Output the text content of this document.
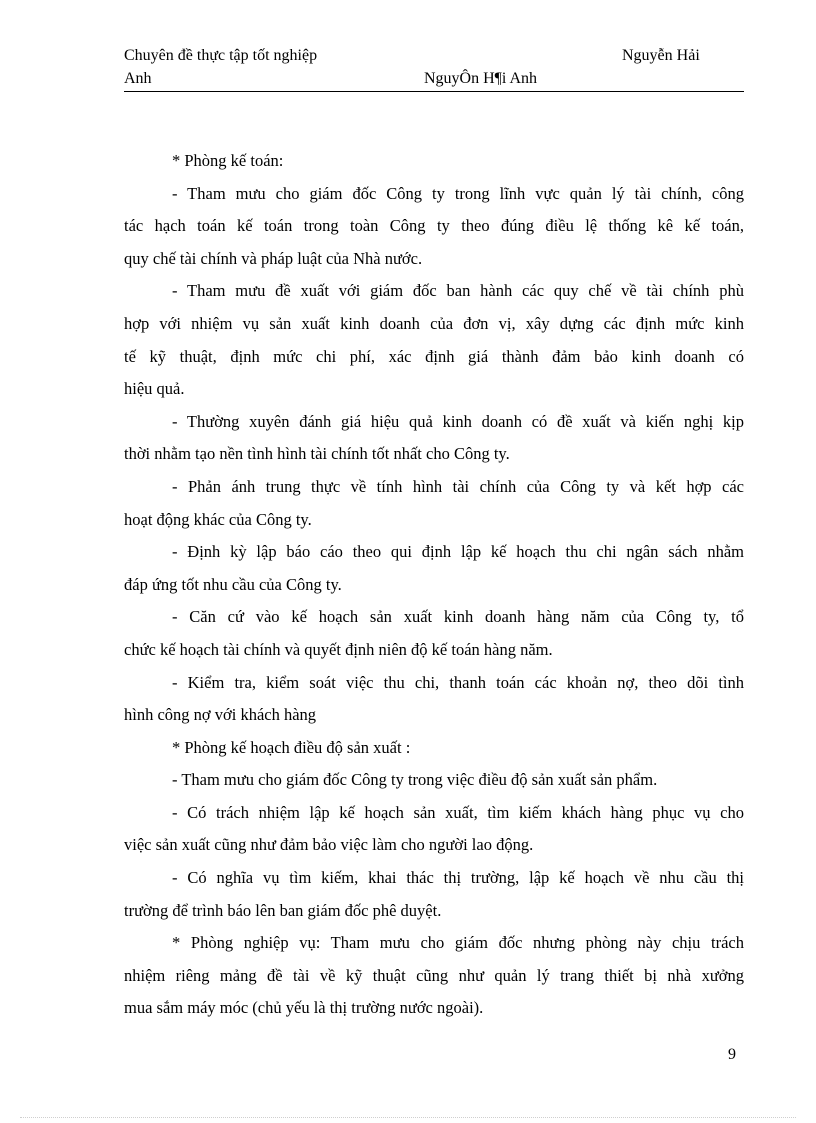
Chuyên đề thực tập tốt nghiệp	Nguyễn Hải
Anh	NguyÔn H¶i Anh
* Phòng kế toán:
- Tham mưu cho giám đốc Công ty trong lĩnh vực quản lý tài chính, công
tác hạch toán kế toán trong toàn Công ty theo đúng điều lệ thống kê kế toán,
quy chế tài chính và pháp luật của Nhà nước.
- Tham mưu đề xuất với giám đốc ban hành các quy chế về tài chính phù
hợp với nhiệm vụ sản xuất kinh doanh của đơn vị, xây dựng các định mức kinh
tế kỹ thuật, định mức chi phí, xác định giá thành đảm bảo kinh doanh có
hiệu quả.
- Thường xuyên đánh giá hiệu quả kinh doanh có đề xuất và kiến nghị kịp
thời nhằm tạo nền tình hình tài chính tốt nhất cho Công ty.
- Phản ánh trung thực về tính hình tài chính của Công ty và kết hợp các
hoạt động khác của Công ty.
- Định kỳ lập báo cáo theo qui định lập kế hoạch thu chi ngân sách nhằm
đáp ứng tốt nhu cầu của Công ty.
- Căn cứ vào kế hoạch sản xuất kinh doanh hàng năm của Công ty, tổ
chức kế hoạch tài chính và quyết định niên độ kế toán hàng năm.
- Kiểm tra, kiểm soát việc thu chi, thanh toán các khoản nợ, theo dõi tình
hình công nợ với khách hàng
* Phòng kế hoạch điều độ sản xuất :
- Tham mưu cho giám đốc Công ty trong việc điều độ sản xuất sản phẩm.
- Có trách nhiệm lập kế hoạch sản xuất, tìm kiếm khách hàng phục vụ cho
việc sản xuất cũng như đảm bảo việc làm cho người lao động.
- Có nghĩa vụ tìm kiếm, khai thác thị trường, lập kế hoạch về nhu cầu thị
trường để trình báo lên ban giám đốc phê duyệt.
* Phòng nghiệp vụ: Tham mưu cho giám đốc nhưng phòng này chịu trách
nhiệm riêng mảng đề tài về kỹ thuật cũng như quản lý trang thiết bị nhà xưởng
mua sắm máy móc (chủ yếu là thị trường nước ngoài).
9
